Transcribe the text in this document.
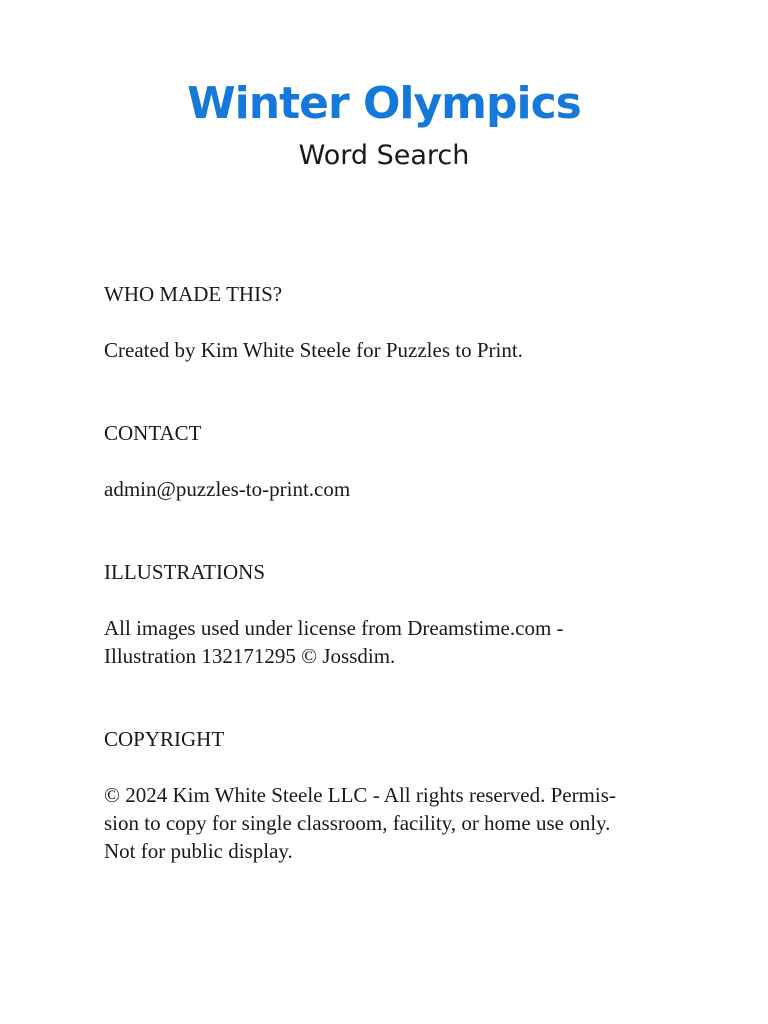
Winter Olympics
Word Search
WHO MADE THIS?

Created by Kim White Steele for Puzzles to Print.

CONTACT

admin@puzzles-to-print.com

ILLUSTRATIONS

All images used under license from Dreamstime.com -
Illustration 132171295 © Jossdim.

COPYRIGHT

© 2024 Kim White Steele LLC - All rights reserved. Permis-
sion to copy for single classroom, facility, or home use only.
Not for public display.
